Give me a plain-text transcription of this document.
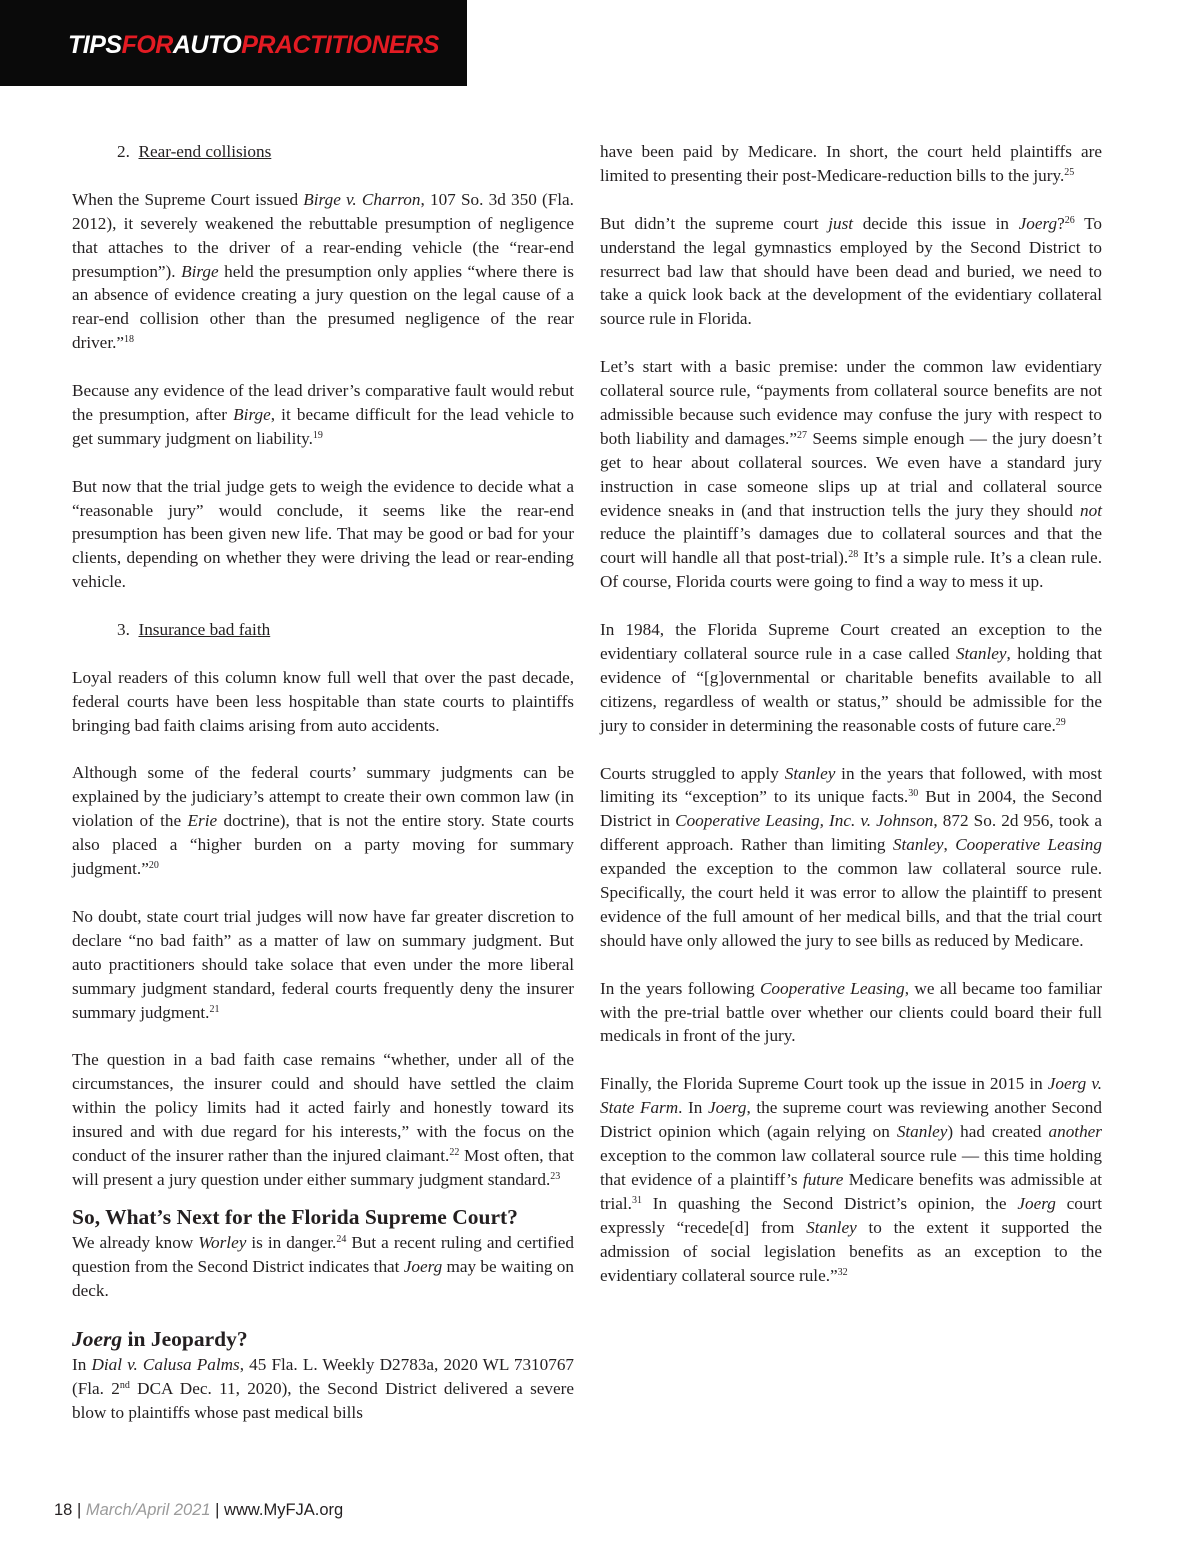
TIPSFORAUTOPRACTITIONERS

2. Rear-end collisions

When the Supreme Court issued Birge v. Charron, 107 So. 3d 350 (Fla. 2012), it severely weakened the rebuttable presumption of negligence that attaches to the driver of a rear-ending vehicle (the “rear-end presumption”). Birge held the presumption only applies “where there is an absence of evidence creating a jury question on the legal cause of a rear-end collision other than the presumed negligence of the rear driver.”$^{18}$

Because any evidence of the lead driver’s comparative fault would rebut the presumption, after Birge, it became difficult for the lead vehicle to get summary judgment on liability.$^{19}$

But now that the trial judge gets to weigh the evidence to decide what a “reasonable jury” would conclude, it seems like the rear-end presumption has been given new life. That may be good or bad for your clients, depending on whether they were driving the lead or rear-ending vehicle.

3. Insurance bad faith

Loyal readers of this column know full well that over the past decade, federal courts have been less hospitable than state courts to plaintiffs bringing bad faith claims arising from auto accidents.

Although some of the federal courts’ summary judgments can be explained by the judiciary’s attempt to create their own common law (in violation of the Erie doctrine), that is not the entire story. State courts also placed a “higher burden on a party moving for summary judgment.”$^{20}$

No doubt, state court trial judges will now have far greater discretion to declare “no bad faith” as a matter of law on summary judgment. But auto practitioners should take solace that even under the more liberal summary judgment standard, federal courts frequently deny the insurer summary judgment.$^{21}$

The question in a bad faith case remains “whether, under all of the circumstances, the insurer could and should have settled the claim within the policy limits had it acted fairly and honestly toward its insured and with due regard for his interests,” with the focus on the conduct of the insurer rather than the injured claimant.$^{22}$ Most often, that will present a jury question under either summary judgment standard.$^{23}$

So, What’s Next for the Florida Supreme Court?

We already know Worley is in danger.$^{24}$ But a recent ruling and certified question from the Second District indicates that Joerg may be waiting on deck.

Joerg in Jeopardy?

In Dial v. Calusa Palms, 45 Fla. L. Weekly D2783a, 2020 WL 7310767 (Fla. 2nd DCA Dec. 11, 2020), the Second District delivered a severe blow to plaintiffs whose past medical bills

have been paid by Medicare. In short, the court held plaintiffs are limited to presenting their post-Medicare-reduction bills to the jury.$^{25}$

But didn’t the supreme court just decide this issue in Joerg?$^{26}$ To understand the legal gymnastics employed by the Second District to resurrect bad law that should have been dead and buried, we need to take a quick look back at the development of the evidentiary collateral source rule in Florida.

Let’s start with a basic premise: under the common law evidentiary collateral source rule, “payments from collateral source benefits are not admissible because such evidence may confuse the jury with respect to both liability and damages.”$^{27}$ Seems simple enough — the jury doesn’t get to hear about collateral sources. We even have a standard jury instruction in case someone slips up at trial and collateral source evidence sneaks in (and that instruction tells the jury they should not reduce the plaintiff’s damages due to collateral sources and that the court will handle all that post-trial).$^{28}$ It’s a simple rule. It’s a clean rule. Of course, Florida courts were going to find a way to mess it up.

In 1984, the Florida Supreme Court created an exception to the evidentiary collateral source rule in a case called Stanley, holding that evidence of “[g]overnmental or charitable benefits available to all citizens, regardless of wealth or status,” should be admissible for the jury to consider in determining the reasonable costs of future care.$^{29}$

Courts struggled to apply Stanley in the years that followed, with most limiting its “exception” to its unique facts.$^{30}$ But in 2004, the Second District in Cooperative Leasing, Inc. v. Johnson, 872 So. 2d 956, took a different approach. Rather than limiting Stanley, Cooperative Leasing expanded the exception to the common law collateral source rule. Specifically, the court held it was error to allow the plaintiff to present evidence of the full amount of her medical bills, and that the trial court should have only allowed the jury to see bills as reduced by Medicare.

In the years following Cooperative Leasing, we all became too familiar with the pre-trial battle over whether our clients could board their full medicals in front of the jury.

Finally, the Florida Supreme Court took up the issue in 2015 in Joerg v. State Farm. In Joerg, the supreme court was reviewing another Second District opinion which (again relying on Stanley) had created another exception to the common law collateral source rule — this time holding that evidence of a plaintiff’s future Medicare benefits was admissible at trial.$^{31}$ In quashing the Second District’s opinion, the Joerg court expressly “recede[d] from Stanley to the extent it supported the admission of social legislation benefits as an exception to the evidentiary collateral source rule.”$^{32}$

18 | March/April 2021 | www.MyFJA.org
